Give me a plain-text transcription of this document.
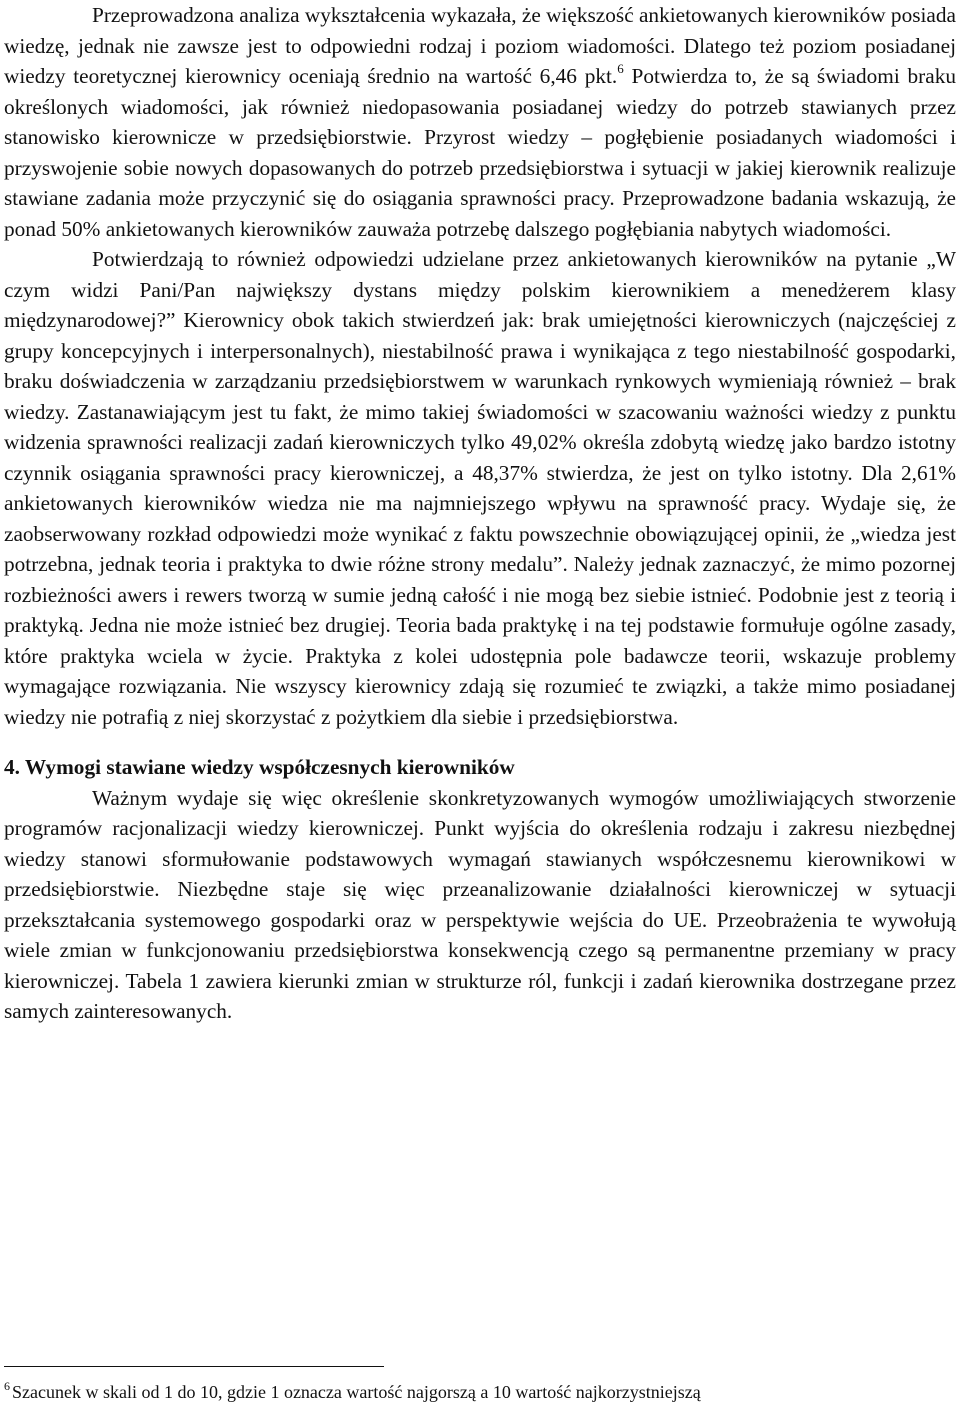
Przeprowadzona analiza wykształcenia wykazała, że większość ankietowanych kierowników posiada wiedzę, jednak nie zawsze jest to odpowiedni rodzaj i poziom wiadomości. Dlatego też poziom posiadanej wiedzy teoretycznej kierownicy oceniają średnio na wartość 6,46 pkt.$^6$ Potwierdza to, że są świadomi braku określonych wiadomości, jak również niedopasowania posiadanej wiedzy do potrzeb stawianych przez stanowisko kierownicze w przedsiębiorstwie. Przyrost wiedzy – pogłębienie posiadanych wiadomości i przyswojenie sobie nowych dopasowanych do potrzeb przedsiębiorstwa i sytuacji w jakiej kierownik realizuje stawiane zadania może przyczynić się do osiągania sprawności pracy. Przeprowadzone badania wskazują, że ponad 50% ankietowanych kierowników zauważa potrzebę dalszego pogłębiania nabytych wiadomości.

Potwierdzają to również odpowiedzi udzielane przez ankietowanych kierowników na pytanie „W czym widzi Pani/Pan największy dystans między polskim kierownikiem a menedżerem klasy międzynarodowej?” Kierownicy obok takich stwierdzeń jak: brak umiejętności kierowniczych (najczęściej z grupy koncepcyjnych i interpersonalnych), niestabilność prawa i wynikająca z tego niestabilność gospodarki, braku doświadczenia w zarządzaniu przedsiębiorstwem w warunkach rynkowych wymieniają również – brak wiedzy. Zastanawiającym jest tu fakt, że mimo takiej świadomości w szacowaniu ważności wiedzy z punktu widzenia sprawności realizacji zadań kierowniczych tylko 49,02% określa zdobytą wiedzę jako bardzo istotny czynnik osiągania sprawności pracy kierowniczej, a 48,37% stwierdza, że jest on tylko istotny. Dla 2,61% ankietowanych kierowników wiedza nie ma najmniejszego wpływu na sprawność pracy. Wydaje się, że zaobserwowany rozkład odpowiedzi może wynikać z faktu powszechnie obowiązującej opinii, że „wiedza jest potrzebna, jednak teoria i praktyka to dwie różne strony medalu”. Należy jednak zaznaczyć, że mimo pozornej rozbieżności awers i rewers tworzą w sumie jedną całość i nie mogą bez siebie istnieć. Podobnie jest z teorią i praktyką. Jedna nie może istnieć bez drugiej. Teoria bada praktykę i na tej podstawie formułuje ogólne zasady, które praktyka wciela w życie. Praktyka z kolei udostępnia pole badawcze teorii, wskazuje problemy wymagające rozwiązania. Nie wszyscy kierownicy zdają się rozumieć te związki, a także mimo posiadanej wiedzy nie potrafią z niej skorzystać z pożytkiem dla siebie i przedsiębiorstwa.

4. Wymogi stawiane wiedzy współczesnych kierowników

Ważnym wydaje się więc określenie skonkretyzowanych wymogów umożliwiających stworzenie programów racjonalizacji wiedzy kierowniczej. Punkt wyjścia do określenia rodzaju i zakresu niezbędnej wiedzy stanowi sformułowanie podstawowych wymagań stawianych współczesnemu kierownikowi w przedsiębiorstwie. Niezbędne staje się więc przeanalizowanie działalności kierowniczej w sytuacji przekształcania systemowego gospodarki oraz w perspektywie wejścia do UE. Przeobrażenia te wywołują wiele zmian w funkcjonowaniu przedsiębiorstwa konsekwencją czego są permanentne przemiany w pracy kierowniczej. Tabela 1 zawiera kierunki zmian w strukturze ról, funkcji i zadań kierownika dostrzegane przez samych zainteresowanych.

$^6$ Szacunek w skali od 1 do 10, gdzie 1 oznacza wartość najgorszą a 10 wartość najkorzystniejszą
